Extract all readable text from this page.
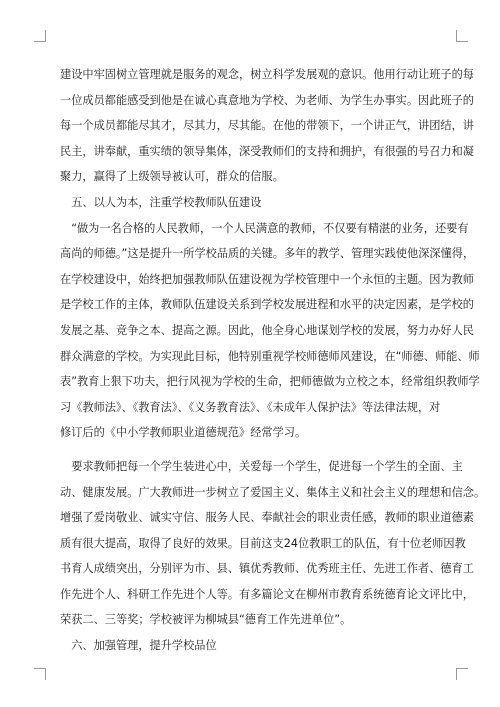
建设中牢固树立管理就是服务的观念，树立科学发展观的意识。他用行动让班子的每
一位成员都能感受到他是在诚心真意地为学校、为老师、为学生办事实。因此班子的
每一个成员都能尽其才，尽其力，尽其能。在他的带领下，一个讲正气，讲团结，讲
民主，讲奉献，重实绩的领导集体，深受教师们的支持和拥护，有很强的号召力和凝
聚力，赢得了上级领导被认可，群众的信服。
　五、以人为本，注重学校教师队伍建设
　“做为一名合格的人民教师，一个人民满意的教师，不仅要有精湛的业务，还要有
高尚的师德。”这是提升一所学校品质的关键。多年的教学、管理实践使他深深懂得，
在学校建设中，始终把加强教师队伍建设视为学校管理中一个永恒的主题。因为教师
是学校工作的主体，教师队伍建设关系到学校发展进程和水平的决定因素，是学校的
发展之基、竞争之本、提高之源。因此，他全身心地谋划学校的发展，努力办好人民
群众满意的学校。为实现此目标，他特别重视学校师德师风建设，在“师德、师能、师
表”教育上狠下功夫，把行风视为学校的生命，把师德做为立校之本，经常组织教师学
习《教师法》、《教育法》、《义务教育法》、《未成年人保护法》等法律法规，对
修订后的《中小学教师职业道德规范》经常学习。
　要求教师把每一个学生装进心中，关爱每一个学生，促进每一个学生的全面、主
动、健康发展。广大教师进一步树立了爱国主义、集体主义和社会主义的理想和信念。
增强了爱岗敬业、诚实守信、服务人民、奉献社会的职业责任感，教师的职业道德素
质有很大提高，取得了良好的效果。目前这支24位教职工的队伍，有十位老师因教
书育人成绩突出，分别评为市、县、镇优秀教师、优秀班主任、先进工作者、德育工
作先进个人、科研工作先进个人等。有多篇论文在柳州市教育系统德育论文评比中，
荣获二、三等奖；学校被评为柳城县“德育工作先进单位”。
　六、加强管理，提升学校品位
